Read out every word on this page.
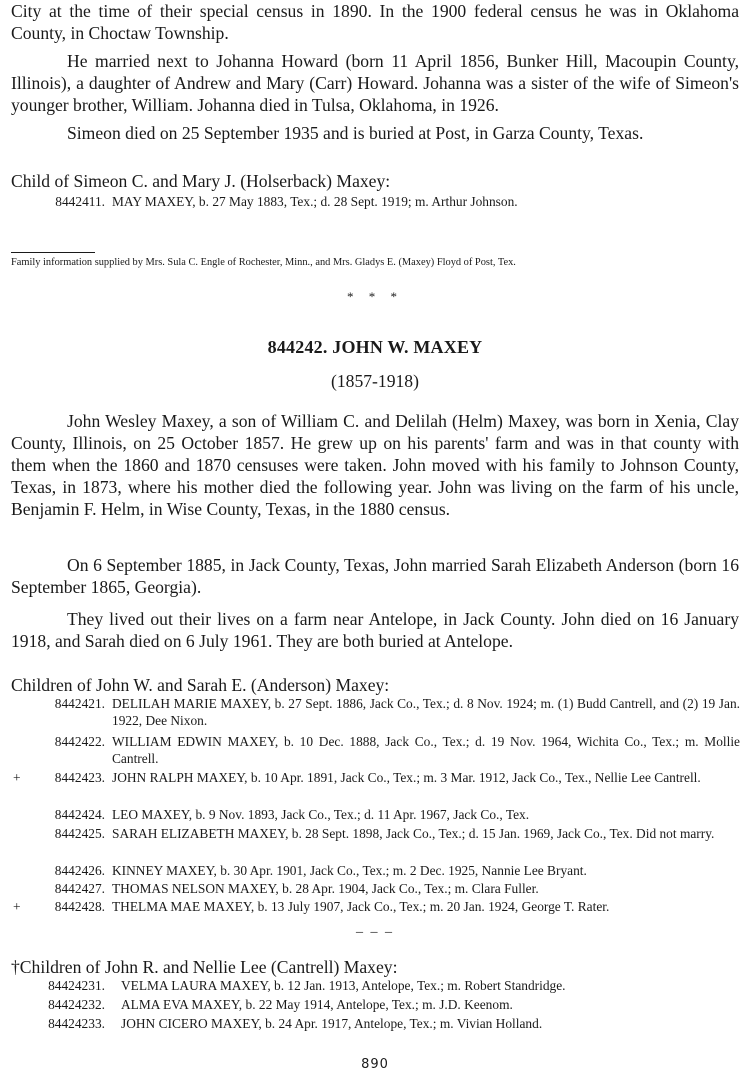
City at the time of their special census in 1890. In the 1900 federal census he was in Oklahoma County, in Choctaw Township.

He married next to Johanna Howard (born 11 April 1856, Bunker Hill, Macoupin County, Illinois), a daughter of Andrew and Mary (Carr) Howard. Johanna was a sister of the wife of Simeon's younger brother, William. Johanna died in Tulsa, Oklahoma, in 1926.

Simeon died on 25 September 1935 and is buried at Post, in Garza County, Texas.

Child of Simeon C. and Mary J. (Holserback) Maxey:

8442411. MAY MAXEY, b. 27 May 1883, Tex.; d. 28 Sept. 1919; m. Arthur Johnson.
Family information supplied by Mrs. Sula C. Engle of Rochester, Minn., and Mrs. Gladys E. (Maxey) Floyd of Post, Tex.

* * *

844242. JOHN W. MAXEY

(1857-1918)

John Wesley Maxey, a son of William C. and Delilah (Helm) Maxey, was born in Xenia, Clay County, Illinois, on 25 October 1857. He grew up on his parents' farm and was in that county with them when the 1860 and 1870 censuses were taken. John moved with his family to Johnson County, Texas, in 1873, where his mother died the following year. John was living on the farm of his uncle, Benjamin F. Helm, in Wise County, Texas, in the 1880 census.

On 6 September 1885, in Jack County, Texas, John married Sarah Elizabeth Anderson (born 16 September 1865, Georgia).

They lived out their lives on a farm near Antelope, in Jack County. John died on 16 January 1918, and Sarah died on 6 July 1961. They are both buried at Antelope.

Children of John W. and Sarah E. (Anderson) Maxey:

8442421. DELILAH MARIE MAXEY, b. 27 Sept. 1886, Jack Co., Tex.; d. 8 Nov. 1924; m. (1) Budd Cantrell, and (2) 19 Jan. 1922, Dee Nixon.
8442422. WILLIAM EDWIN MAXEY, b. 10 Dec. 1888, Jack Co., Tex.; d. 19 Nov. 1964, Wichita Co., Tex.; m. Mollie Cantrell.
+	8442423. JOHN RALPH MAXEY, b. 10 Apr. 1891, Jack Co., Tex.; m. 3 Mar. 1912, Jack Co., Tex., Nellie Lee Cantrell.
8442424. LEO MAXEY, b. 9 Nov. 1893, Jack Co., Tex.; d. 11 Apr. 1967, Jack Co., Tex.
8442425. SARAH ELIZABETH MAXEY, b. 28 Sept. 1898, Jack Co., Tex.; d. 15 Jan. 1969, Jack Co., Tex. Did not marry.
8442426. KINNEY MAXEY, b. 30 Apr. 1901, Jack Co., Tex.; m. 2 Dec. 1925, Nannie Lee Bryant.
8442427. THOMAS NELSON MAXEY, b. 28 Apr. 1904, Jack Co., Tex.; m. Clara Fuller.
+	8442428. THELMA MAE MAXEY, b. 13 July 1907, Jack Co., Tex.; m. 20 Jan. 1924, George T. Rater.

_ _ _

†Children of John R. and Nellie Lee (Cantrell) Maxey:

84424231. VELMA LAURA MAXEY, b. 12 Jan. 1913, Antelope, Tex.; m. Robert Standridge.
84424232. ALMA EVA MAXEY, b. 22 May 1914, Antelope, Tex.; m. J.D. Keenom.
84424233. JOHN CICERO MAXEY, b. 24 Apr. 1917, Antelope, Tex.; m. Vivian Holland.

890
